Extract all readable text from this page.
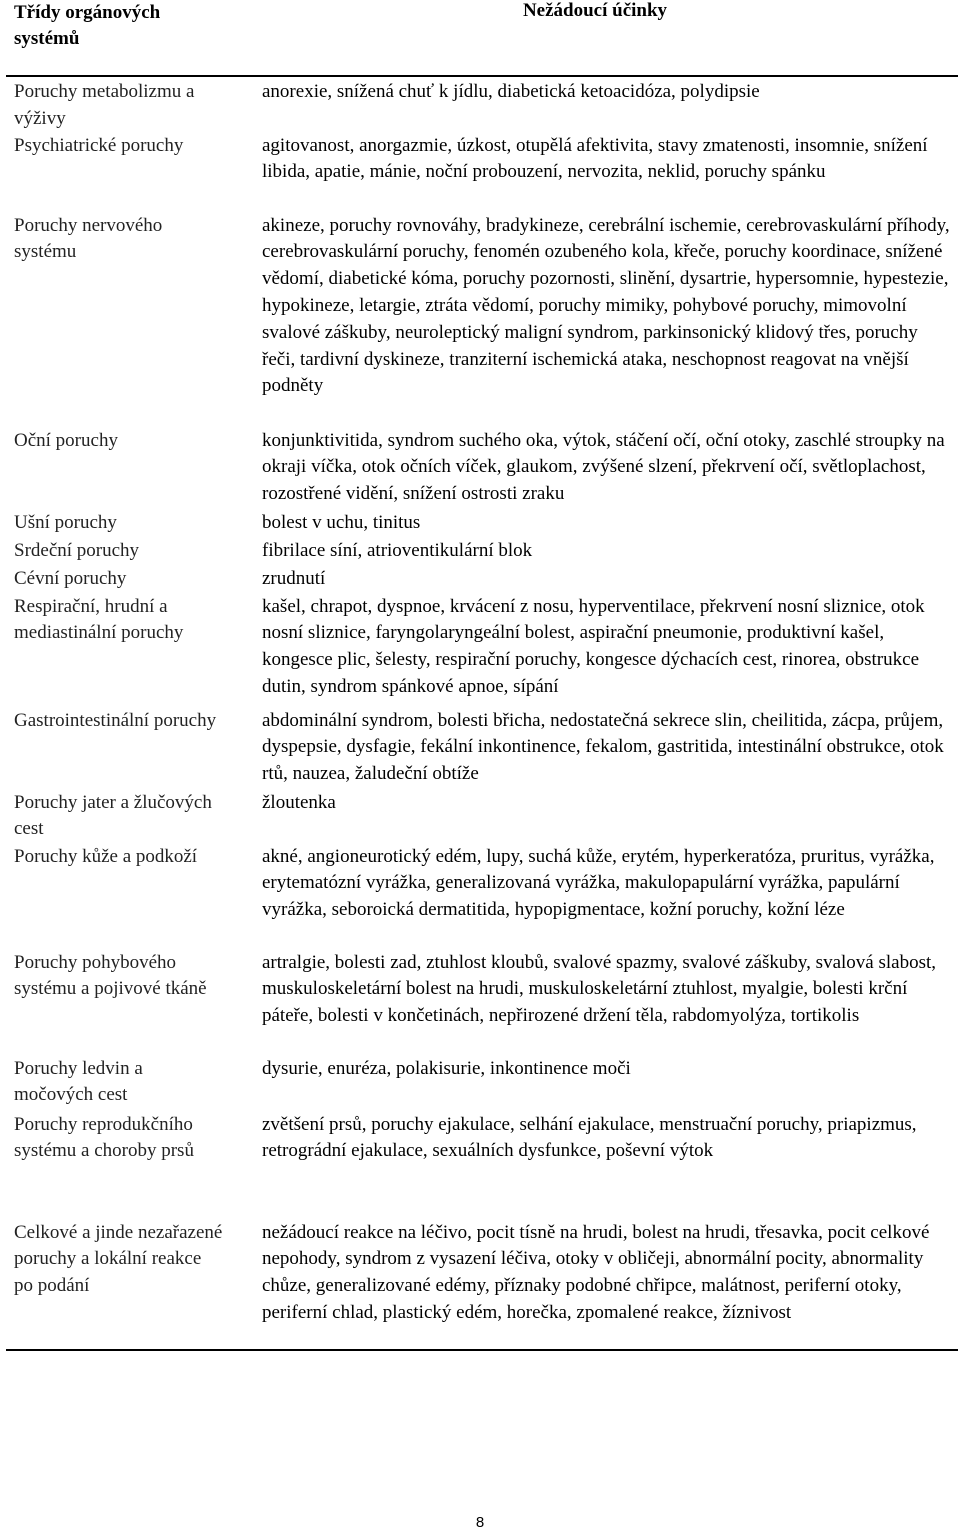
Třídy orgánových systémů	Nežádoucí účinky
Poruchy metabolizmu a výživy	anorexie, snížená chuť k jídlu, diabetická ketoacidóza, polydipsie
Psychiatrické poruchy	agitovanost, anorgazmie, úzkost, otupělá afektivita, stavy zmatenosti, insomnie, snížení libida, apatie, mánie, noční probouzení, nervozita, neklid, poruchy spánku
Poruchy nervového systému	akineze, poruchy rovnováhy, bradykineze, cerebrální ischemie, cerebrovaskulární příhody, cerebrovaskulární poruchy, fenomén ozubeného kola, křeče, poruchy koordinace, snížené vědomí, diabetické kóma, poruchy pozornosti, slinění, dysartrie, hypersomnie, hypestezie, hypokineze, letargie, ztráta vědomí, poruchy mimiky, pohybové poruchy, mimovolní svalové záškuby, neuroleptický maligní syndrom, parkinsonický klidový třes, poruchy řeči, tardivní dyskineze, tranziterní ischemická ataka, neschopnost reagovat na vnější podněty
Oční poruchy	konjunktivitida, syndrom suchého oka, výtok, stáčení očí, oční otoky, zaschlé stroupky na okraji víčka, otok očních víček, glaukom, zvýšené slzení, překrvení očí, světloplachost, rozostřené vidění, snížení ostrosti zraku
Ušní poruchy	bolest v uchu, tinitus
Srdeční poruchy	fibrilace síní, atrioventikulární blok
Cévní poruchy	zrudnutí
Respirační, hrudní a mediastinální poruchy	kašel, chrapot, dyspnoe, krvácení z nosu, hyperventilace, překrvení nosní sliznice, otok nosní sliznice, faryngolaryngeální bolest, aspirační pneumonie, produktivní kašel, kongesce plic, šelesty, respirační poruchy, kongesce dýchacích cest, rinorea, obstrukce dutin, syndrom spánkové apnoe, sípání
Gastrointestinální poruchy	abdominální syndrom, bolesti břicha, nedostatečná sekrece slin, cheilitida, zácpa, průjem, dyspepsie, dysfagie, fekální inkontinence, fekalom, gastritida, intestinální obstrukce, otok rtů, nauzea, žaludeční obtíže
Poruchy jater a žlučových cest	žloutenka
Poruchy kůže a podkoží	akné, angioneurotický edém, lupy, suchá kůže, erytém, hyperkeratóza, pruritus, vyrážka, erytematózní vyrážka, generalizovaná vyrážka, makulopapulární vyrážka, papulární vyrážka, seboroická dermatitida, hypopigmentace, kožní poruchy, kožní léze
Poruchy pohybového systému a pojivové tkáně	artralgie, bolesti zad, ztuhlost kloubů, svalové spazmy, svalové záškuby, svalová slabost, muskuloskeletární bolest na hrudi, muskuloskeletární ztuhlost, myalgie, bolesti krční páteře, bolesti v končetinách, nepřirozené držení těla, rabdomyolýza, tortikolis
Poruchy ledvin a močových cest	dysurie, enuréza, polakisurie, inkontinence moči
Poruchy reprodukčního systému a choroby prsů	zvětšení prsů, poruchy ejakulace, selhání ejakulace, menstruační poruchy, priapizmus, retrográdní ejakulace, sexuálních dysfunkce, poševní výtok
Celkové a jinde nezařazené poruchy a lokální reakce po podání	nežádoucí reakce na léčivo, pocit tísně na hrudi, bolest na hrudi, třesavka, pocit celkové nepohody, syndrom z vysazení léčiva, otoky v obličeji, abnormální pocity, abnormality chůze, generalizované edémy, příznaky podobné chřipce, malátnost, periferní otoky, periferní chlad, plastický edém, horečka, zpomalené reakce, žíznivost
8
